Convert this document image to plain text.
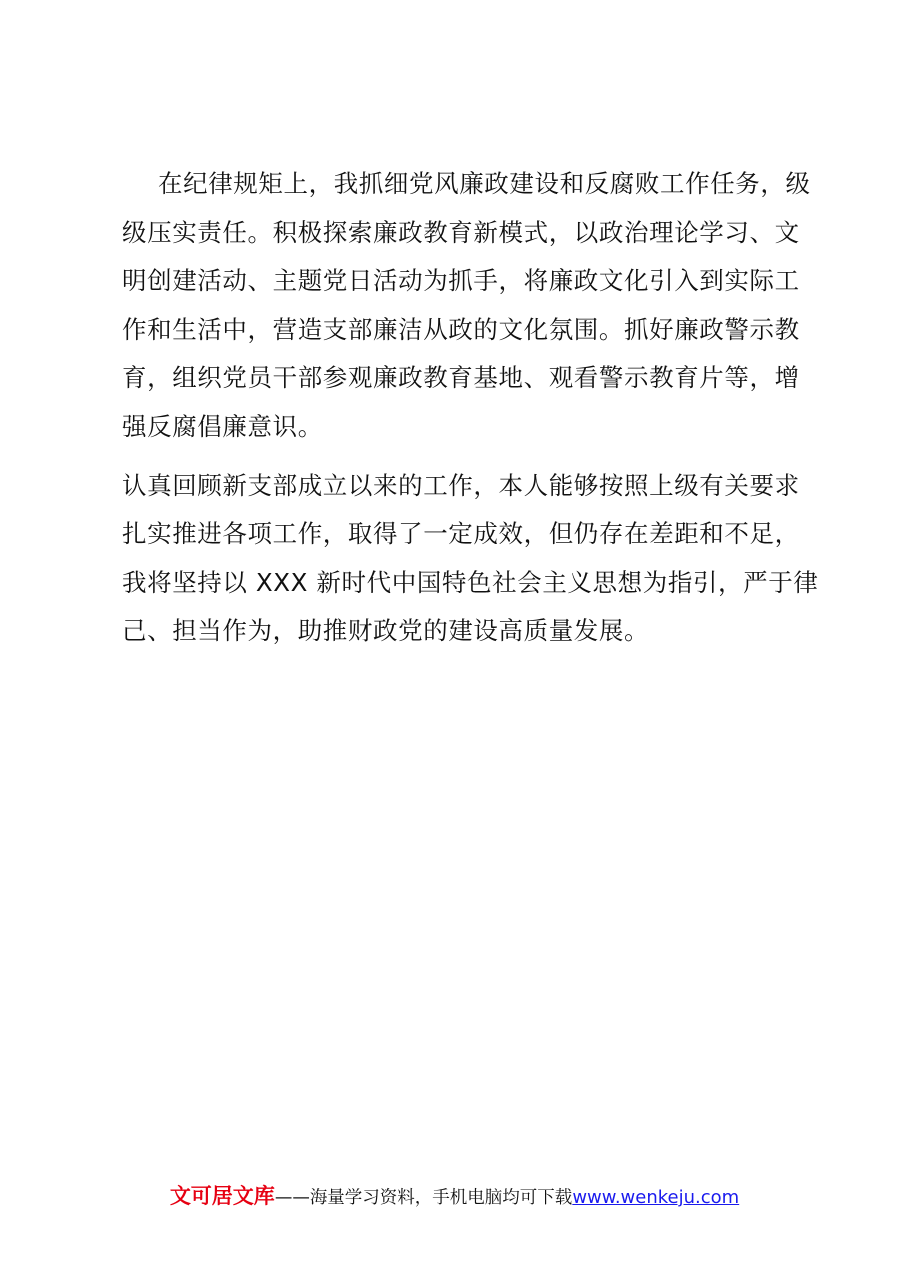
在纪律规矩上，我抓细党风廉政建设和反腐败工作任务，级
级压实责任。积极探索廉政教育新模式，以政治理论学习、文
明创建活动、主题党日活动为抓手，将廉政文化引入到实际工
作和生活中，营造支部廉洁从政的文化氛围。抓好廉政警示教
育，组织党员干部参观廉政教育基地、观看警示教育片等，增
强反腐倡廉意识。

认真回顾新支部成立以来的工作，本人能够按照上级有关要求
扎实推进各项工作，取得了一定成效，但仍存在差距和不足，
我将坚持以 XXX 新时代中国特色社会主义思想为指引，严于律
己、担当作为，助推财政党的建设高质量发展。

文可居文库——海量学习资料，手机电脑均可下载www.wenkeju.com
